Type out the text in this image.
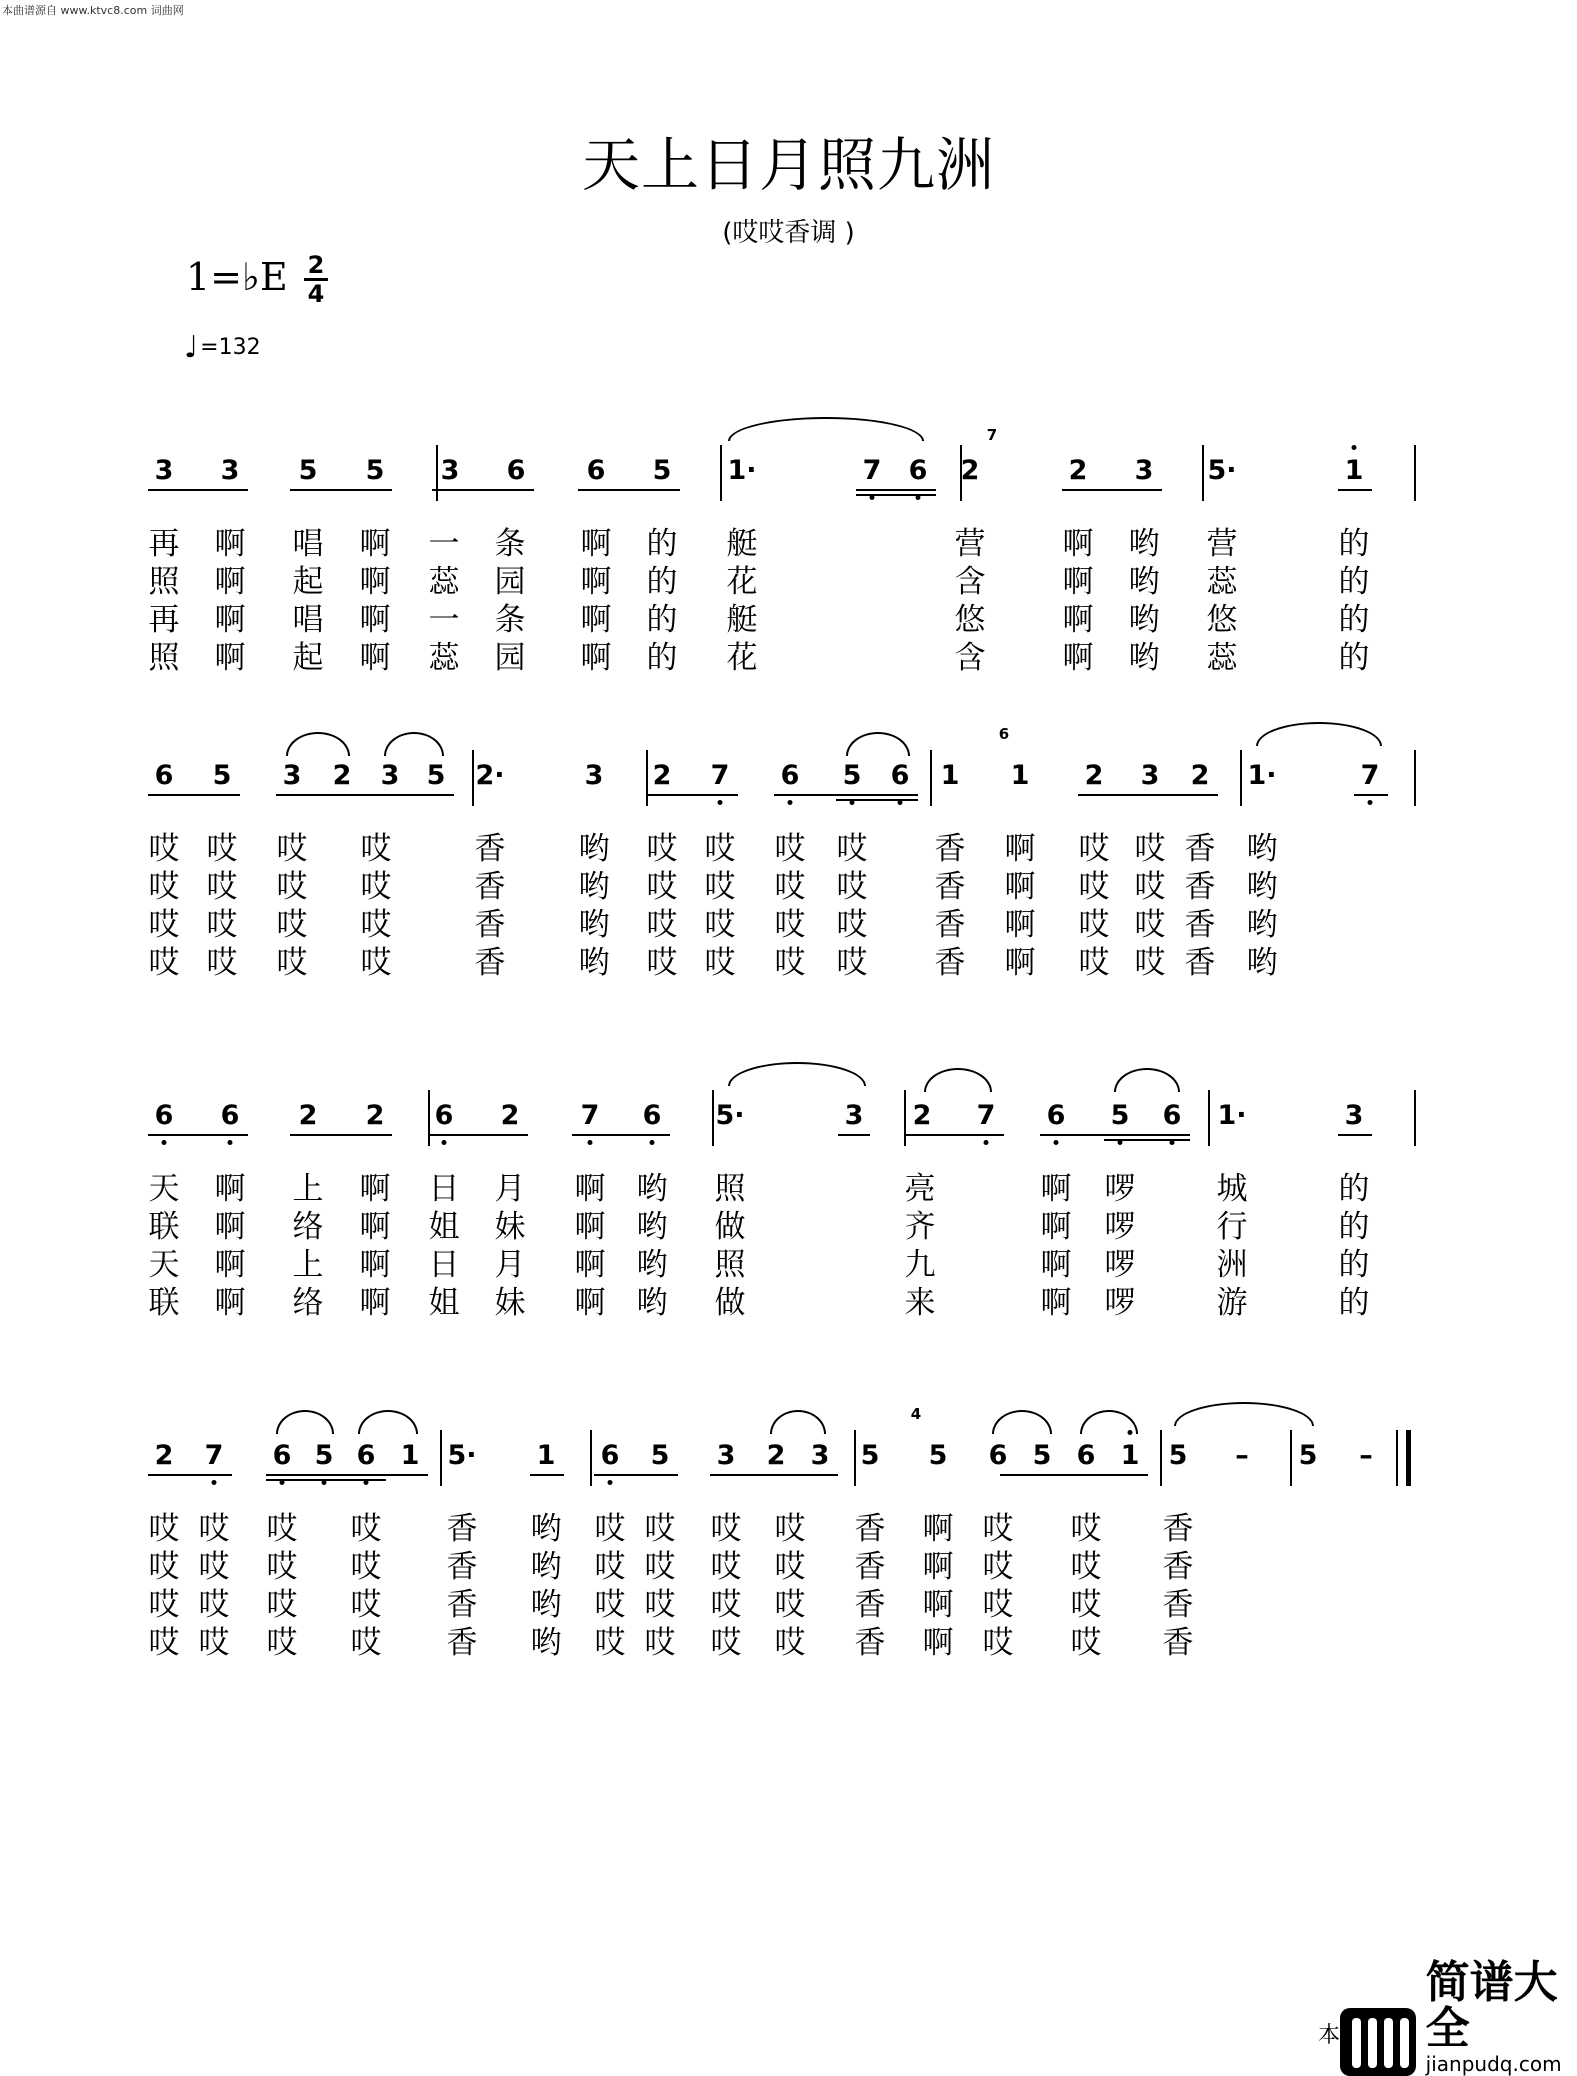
本曲谱源自 www.ktvc8.com 词曲网
天上日月照九洲
(哎哎香调 )
1=♭E 2
4
♩ =132
3 3 5 5 3 6 6 5 1·	7 6 2	2 3 5·	1
7
再 啊 唱 啊 一 条 啊 的 艇	营 啊 哟 营	的
照 啊 起 啊 蕊 园 啊 的 花	含 啊 哟 蕊	的
再 啊 唱 啊 一 条 啊 的 艇	悠 啊 哟 悠	的
照 啊 起 啊 蕊 园 啊 的 花	含 啊 哟 蕊	的
6 5 3 2 3 5 2·	3 2 7 6 5 6 1 1 2 3 2 1·	7
6
哎 哎 哎 哎	香 哟 哎 哎 哎 哎 香 啊 哎 哎 香 哟
哎 哎 哎 哎	香 哟 哎 哎 哎 哎 香 啊 哎 哎 香 哟
哎 哎 哎 哎	香 哟 哎 哎 哎 哎 香 啊 哎 哎 香 哟
哎 哎 哎 哎	香 哟 哎 哎 哎 哎 香 啊 哎 哎 香 哟
6 6 2 2 6 2 7 6 5·	3 2 7 6 5 6 1·	3
天 啊 上 啊 日 月 啊 哟 照	亮	啊 啰	城	的
联 啊 络 啊 姐 妹 啊 哟 做	齐	啊 啰	行	的
天 啊 上 啊 日 月 啊 哟 照	九	啊 啰	洲	的
联 啊 络 啊 姐 妹 啊 哟 做	来	啊 啰	游	的
2 7 6 5 6 1 5· 1 6 5 3 2 3 5 5 6 5 6 1 5 – 5 –
4
哎 哎 哎 哎 香 哟 哎 哎 哎 哎 香 啊 哎 哎 香
哎 哎 哎 哎 香 哟 哎 哎 哎 哎 香 啊 哎 哎 香
哎 哎 哎 哎 香 哟 哎 哎 哎 哎 香 啊 哎 哎 香
哎 哎 哎 哎 香 哟 哎 哎 哎 哎 香 啊 哎 哎 香
简谱大全
jianpudq.com
本
